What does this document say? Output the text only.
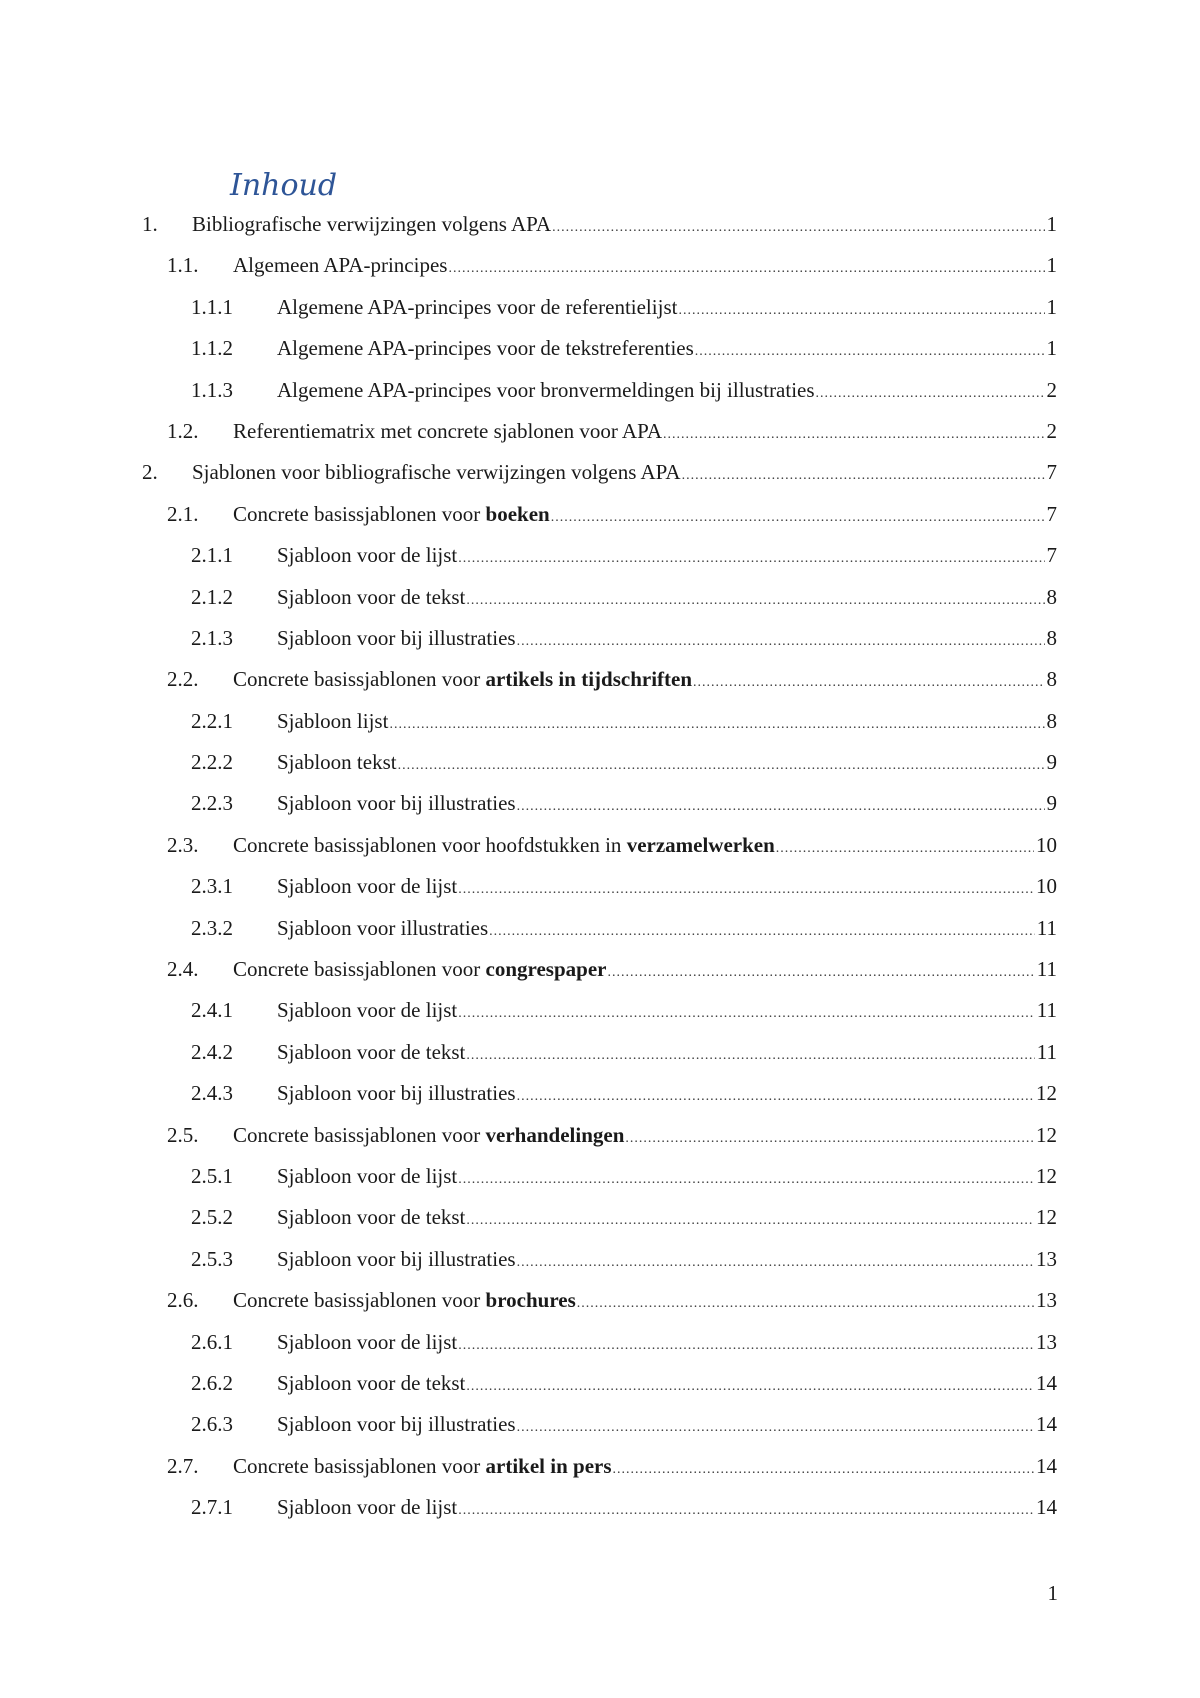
Inhoud
1. Bibliografische verwijzingen volgens APA .....	1
1.1. Algemeen APA-principes .....	1
1.1.1 Algemene APA-principes voor de referentielijst .....	1
1.1.2 Algemene APA-principes voor de tekstreferenties .....	1
1.1.3 Algemene APA-principes voor bronvermeldingen bij illustraties .....	2
1.2. Referentiematrix met concrete sjablonen voor APA .....	2
2. Sjablonen voor bibliografische verwijzingen volgens APA .....	7
2.1. Concrete basissjablonen voor boeken .....	7
2.1.1 Sjabloon voor de lijst .....	7
2.1.2 Sjabloon voor de tekst .....	8
2.1.3 Sjabloon voor bij illustraties .....	8
2.2. Concrete basissjablonen voor artikels in tijdschriften .....	8
2.2.1 Sjabloon lijst .....	8
2.2.2 Sjabloon tekst .....	9
2.2.3 Sjabloon voor bij illustraties .....	9
2.3. Concrete basissjablonen voor hoofdstukken in verzamelwerken .....	10
2.3.1 Sjabloon voor de lijst .....	10
2.3.2 Sjabloon voor illustraties .....	11
2.4. Concrete basissjablonen voor congrespaper .....	11
2.4.1 Sjabloon voor de lijst .....	11
2.4.2 Sjabloon voor de tekst .....	11
2.4.3 Sjabloon voor bij illustraties .....	12
2.5. Concrete basissjablonen voor verhandelingen .....	12
2.5.1 Sjabloon voor de lijst .....	12
2.5.2 Sjabloon voor de tekst .....	12
2.5.3 Sjabloon voor bij illustraties .....	13
2.6. Concrete basissjablonen voor brochures .....	13
2.6.1 Sjabloon voor de lijst .....	13
2.6.2 Sjabloon voor de tekst .....	14
2.6.3 Sjabloon voor bij illustraties .....	14
2.7. Concrete basissjablonen voor artikel in pers .....	14
2.7.1 Sjabloon voor de lijst .....	14
1
